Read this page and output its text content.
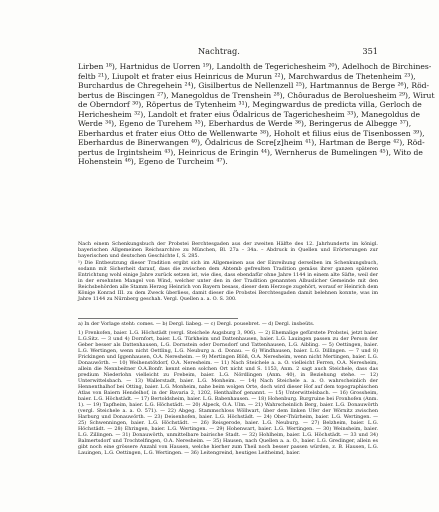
Nachtrag.	351
Lirben ¹⁸), Hartnidus de Uorren ¹⁹), Landolth de Tegerichesheim ²⁰), Adelhoch de Birchines-
feltb ²¹), Liupolt et frater eius Heinricus de Murun ²²), Marchwardus de Thetenheim ²³),
Burchardus de Chregehein ²⁴), Gisilbertus de Nellenzell ²⁵), Hartmannus de Berge ²⁶), Röd-
bertus de Biscingen ²⁷), Manegoldus de Trenshein ²⁸), Chôuradus de Beroluesheim ²⁹), Wirut
de Oberndorf ³⁰), Röpertus de Tytenheim ³¹), Megingwardus de predicta villa, Gerloch de
Herichesheim ³²), Landolt et frater eius Ödalricus de Tagerichesheim ³³), Manegoldus de
Werde ³⁴), Egeno de Turehem ³⁵), Eberhardus de Werde ³⁶), Beringerus de Albegge ³⁷),
Eberhardus et frater eius Otto de Wellenwarte ³⁸), Hoholt et filius eius de Tisenbossen ³⁹),
Eberhardus de Binerwangen ⁴⁰), Ödalricus de Scre[z]heim ⁴¹), Hartman de Berge ⁴²), Röd-
pertus de Irgintsheim ⁴³), Heinricus de Eringin ⁴⁴), Wernherus de Bumelingen ⁴⁵), Wito de
Hohenstein ⁴⁶), Egeno de Turcheim ⁴⁷).
Nach einem Schenkungsbuch der Probstei Berchtesgaden aus der zweiten Hälfte des 12. Jahrhunderts im königl. bayerischen Allgemeinen Reichsarchive zu München, Bl. 27a – 34a. – Abdruck in Quellen und Erörterungen zur bayerischen und deutschen Geschichte I, S. 285.
¹) Die Entbeutzung dieser Tradition ergibt sich im Allgemeinen aus der Einreihung derselben im Schenkungsbuch, sodann mit Sicherheit darauf, dass die zwischen dem Abtemb gefreulten Tradition gemäss ihrer ganzen späteren Entrichtung wohl einige Jahre zurück setzen ist, wie dies, dass ebendafür ohne Jahre 1144 in einem alte Säfte, weil der in der ersehnten Mangel von Wind, welcher unter den in der Tradition genannten Albuslicher Gemeinde mit den Reichsbehörden alle Stamm Herzog Heinrich von Bayern besass, dieser dem Herzoge zugehört, worauf er Heinrich dem Könige Konrad III. zu dem Zweck überliess, damit dieser die Probstei Berchtesgaden damit belehnen konnte, was im Jahre 1144 zu Nürnberg geschah. Vergl. Quellen a. a. O. S. 300.
a) In der Vorlage steht: comes. — b) Dergl. liabeg. — c) Dergl. pousebret. — d) Dergl. insbeüts.
1) Frenkofen, baier. L.G. Höchstädt (vergl. Steichele Augsburg 3, 906). — 2) Ehemalige gefürstete Probstei, jetzt baier. L.G.Sitz. — 3 und 4) Dornfort, baier. L.G. Türkheim und Dattenhausen, baier. L.G. Lauingen passen zu der Person der Geber besser als Dattenhausen, L.G. Dornstein oder Dornsdorf und Tattenhausen, L.G. Aibling. — 5) Oettingen, baier. L.G. Wertingen, wenn nicht Oettling, L.G. Neuburg a. d. Donau. — 6) Windhausen, baier. L.G. Dillingen. — 7 und 8) Frickingen und Iggenhausen, O.A. Neresheim. — 9) Mertingen Blöß, O.A. Neresheim, wenn nicht Mertingen, baier. L.G. Donauwörth. — 10) Weihenstötdorf, O.A. Neresheim. — 11) Nach Steichele a. a. O. vielleicht Ferren, O.A. Neresheim, allein die Nennbeitner O.A.Bonfr. kennt einen solchen Ort nicht und S. 1153, Anm. 2 sagt auch Steichele, dass das predium Niederlohn vielleicht zu Frebeim, baier. L.G. Nördlingen (Anm. 40), in Beziehung stehe. — 12) Unterwittelsbach. — 13) Wallerstadt, baier. L.G. Monheim. — 14) Nach Steichele a. a. O. wahrscheinlich der Hennenthalhof bei Otting, baier. L.G. Monheim, nahe beim wolgen Orte, doch wird dieser Hof auf dem topographischen Atlas von Baiern Hendelhof, in der Bavaria 2, 1202, Henthalhof genannt. — 15) Unterwittelsbach. — 16) Grossheim, baier. L.G. Höchstädt. — 17) Bertoldsheim, baier. L.G. Babenhausen. — 18) Hohenburg. Burgruine bei Fronhofen (Anm. 1). — 19) Tapfheim, baier. L.G. Höchstädt. — 20) Alpeck, O.A. Ulm. — 21) Wahrscheinlich Berg, baier. L.G. Donauwörth (vergl. Steichele a. a. O. 571). — 22) Abgeg. Stammschloss Wöllwart, über dem linken Ufer der Wörnitz zwischen Harburg und Donauwörth. — 23) Deisenhofen, baier. L.G. Höchstädt. — 24) Ober-Thürheim, baier. L.G. Wertingen. — 25) Schwenningen, baier. L.G. Höchstädt. — 26) Reisgerode, baier. L.G. Neuburg. — 27) Belzheim, baier. L.G. Höchstädt. — 28) Ehringen, baier. L.G. Wertingen. — 29) Hohenwart, baier. L.G. Wertingen. — 30) Weinsheim, baier. L.G. Zillingen. — 31) Donauwörth, unmittelbare bairische Stadt. — 32) Hohlheim, baier. L.G. Höchstädt. — 33 und 34) Balmertsdorf und Trochtelfingen, O.A. Neresheim. — 35) Hausen, nach Quellen a. a. O., baier. L.G. Gredinger, allein es gibt noch eine grössere Anzahl von Hausen, welche hierher zum Theil noch besser passen würden, z. B. Hausen, L.G. Lauingen, L.G. Oettingen, L.G. Wertingen. — 36) Leitengreind, heutiges Leitheimd, baier.
